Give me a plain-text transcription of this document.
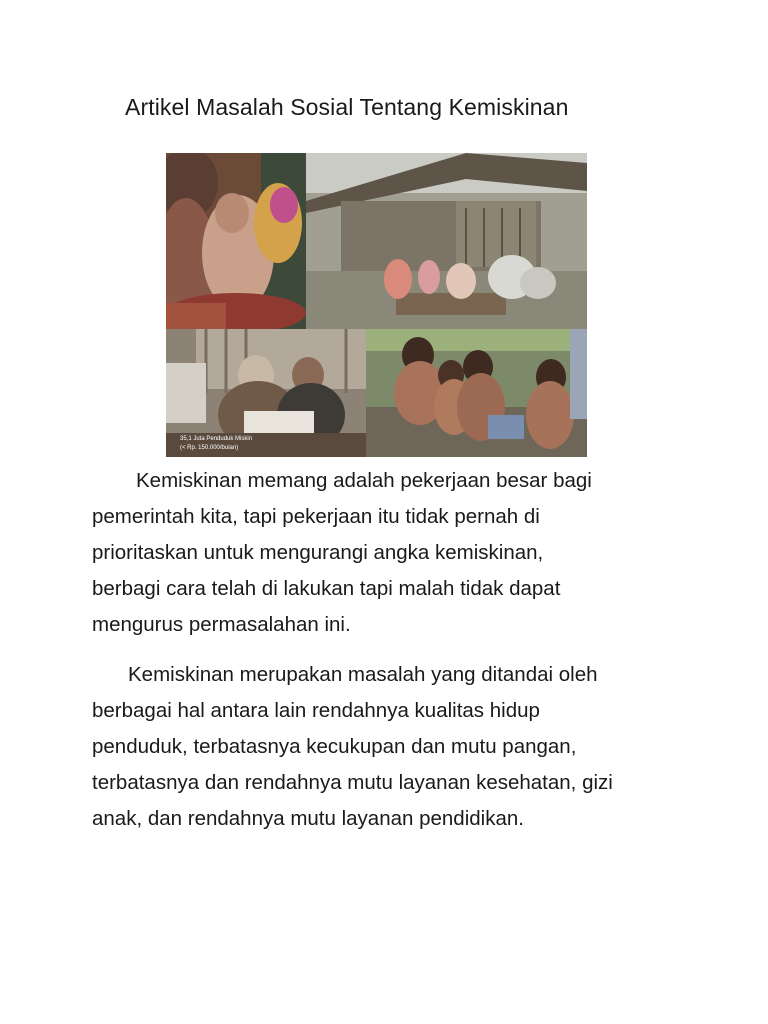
Artikel Masalah Sosial Tentang Kemiskinan
35,1 Juta Penduduk Miskin
(< Rp. 150.000/bulan)

Kemiskinan memang adalah pekerjaan besar bagi
pemerintah kita, tapi pekerjaan itu tidak pernah di
prioritaskan untuk mengurangi angka kemiskinan,
berbagi cara telah di lakukan tapi malah tidak dapat
mengurus permasalahan ini.

Kemiskinan merupakan masalah yang ditandai oleh
berbagai hal antara lain rendahnya kualitas hidup
penduduk, terbatasnya kecukupan dan mutu pangan,
terbatasnya dan rendahnya mutu layanan kesehatan, gizi
anak, dan rendahnya mutu layanan pendidikan.
